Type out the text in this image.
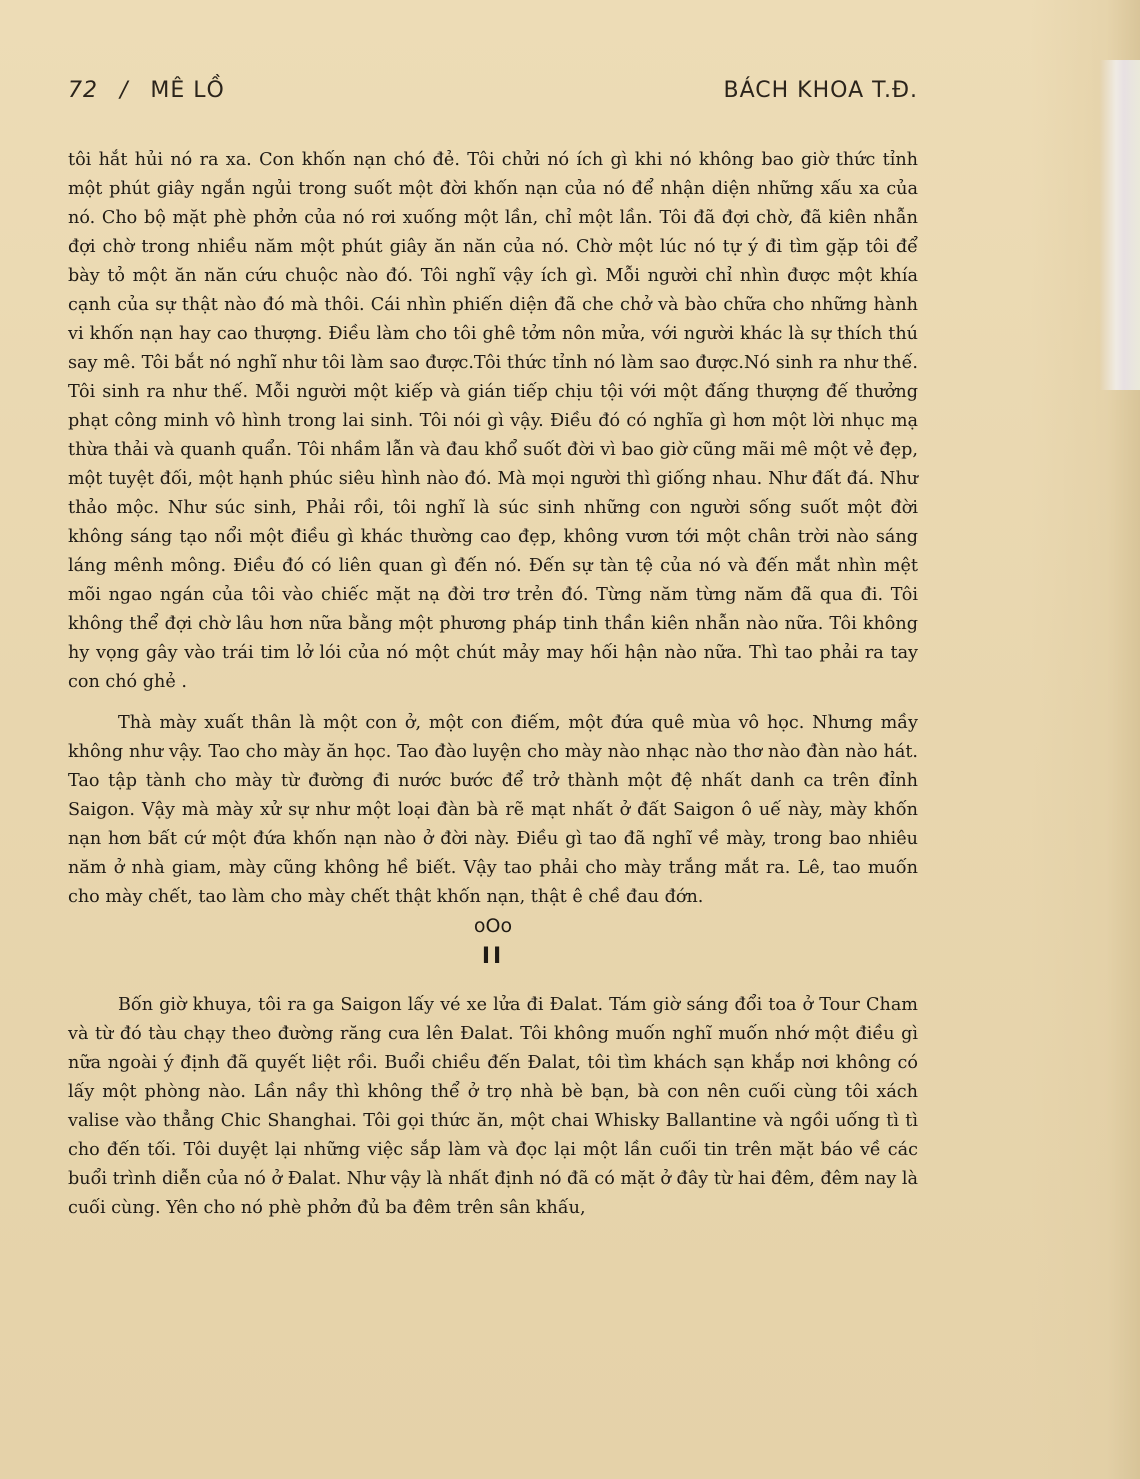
72 / MÊ LỒ	BÁCH KHOA T.Đ.

tôi hắt hủi nó ra xa. Con khốn nạn chó đẻ. Tôi chửi nó ích gì khi nó không bao giờ thức tỉnh một phút giây ngắn ngủi trong suốt một đời khốn nạn của nó để nhận diện những xấu xa của nó. Cho bộ mặt phè phởn của nó rơi xuống một lần, chỉ một lần. Tôi đã đợi chờ, đã kiên nhẫn đợi chờ trong nhiều năm một phút giây ăn năn của nó. Chờ một lúc nó tự ý đi tìm gặp tôi để bày tỏ một ăn năn cứu chuộc nào đó. Tôi nghĩ vậy ích gì. Mỗi người chỉ nhìn được một khía cạnh của sự thật nào đó mà thôi. Cái nhìn phiến diện đã che chở và bào chữa cho những hành vi khốn nạn hay cao thượng. Điều làm cho tôi ghê tởm nôn mửa, với người khác là sự thích thú say mê. Tôi bắt nó nghĩ như tôi làm sao được.Tôi thức tỉnh nó làm sao được.Nó sinh ra như thế. Tôi sinh ra như thế. Mỗi người một kiếp và gián tiếp chịu tội với một đấng thượng đế thưởng phạt công minh vô hình trong lai sinh. Tôi nói gì vậy. Điều đó có nghĩa gì hơn một lời nhục mạ thừa thải và quanh quẩn. Tôi nhầm lẫn và đau khổ suốt đời vì bao giờ cũng mãi mê một vẻ đẹp, một tuyệt đối, một hạnh phúc siêu hình nào đó. Mà mọi người thì giống nhau. Như đất đá. Như thảo mộc. Như súc sinh, Phải rồi, tôi nghĩ là súc sinh những con người sống suốt một đời không sáng tạo nổi một điều gì khác thường cao đẹp, không vươn tới một chân trời nào sáng láng mênh mông. Điều đó có liên quan gì đến nó. Đến sự tàn tệ của nó và đến mắt nhìn mệt mõi ngao ngán của tôi vào chiếc mặt nạ đời trơ trẻn đó. Từng năm từng năm đã qua đi. Tôi không thể đợi chờ lâu hơn nữa bằng một phương pháp tinh thần kiên nhẫn nào nữa. Tôi không hy vọng gây vào trái tim lở lói của nó một chút mảy may hối hận nào nữa. Thì tao phải ra tay con chó ghẻ .

Thà mày xuất thân là một con ở, một con điếm, một đứa quê mùa vô học. Nhưng mầy không như vậy. Tao cho mày ăn học. Tao đào luyện cho mày nào nhạc nào thơ nào đàn nào hát. Tao tập tành cho mày từ đường đi nước bước để trở thành một đệ nhất danh ca trên đỉnh Saigon. Vậy mà mày xử sự như một loại đàn bà rẽ mạt nhất ở đất Saigon ô uế này, mày khốn nạn hơn bất cứ một đứa khốn nạn nào ở đời này. Điều gì tao đã nghĩ về mày, trong bao nhiêu năm ở nhà giam, mày cũng không hề biết. Vậy tao phải cho mày trắng mắt ra. Lê, tao muốn cho mày chết, tao làm cho mày chết thật khốn nạn, thật ê chề đau đớn.

oOo

II

Bốn giờ khuya, tôi ra ga Saigon lấy vé xe lửa đi Đalat. Tám giờ sáng đổi toa ở Tour Cham và từ đó tàu chạy theo đường răng cưa lên Đalat. Tôi không muốn nghĩ muốn nhớ một điều gì nữa ngoài ý định đã quyết liệt rồi. Buổi chiều đến Đalat, tôi tìm khách sạn khắp nơi không có lấy một phòng nào. Lần nầy thì không thể ở trọ nhà bè bạn, bà con nên cuối cùng tôi xách valise vào thẳng Chic Shanghai. Tôi gọi thức ăn, một chai Whisky Ballantine và ngồi uống tì tì cho đến tối. Tôi duyệt lại những việc sắp làm và đọc lại một lần cuối tin trên mặt báo về các buổi trình diễn của nó ở Đalat. Như vậy là nhất định nó đã có mặt ở đây từ hai đêm, đêm nay là cuối cùng. Yên cho nó phè phởn đủ ba đêm trên sân khấu,
